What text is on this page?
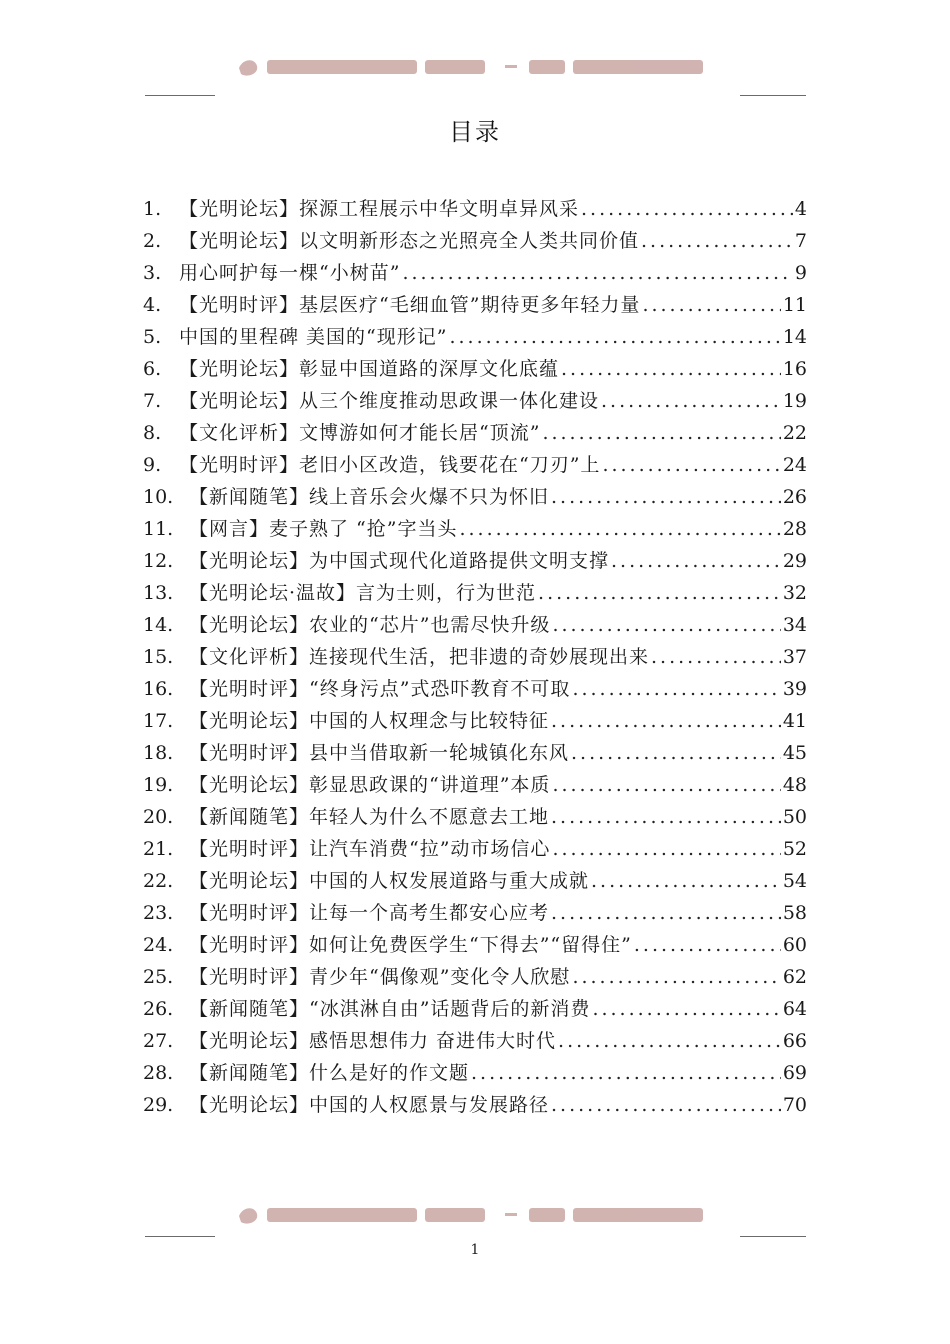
目录
1. 【光明论坛】探源工程展示中华文明卓异风采 .....	4
2. 【光明论坛】以文明新形态之光照亮全人类共同价值 .....	7
3. 用心呵护每一棵“小树苗” .....	9
4. 【光明时评】基层医疗“毛细血管”期待更多年轻力量 .....	11
5. 中国的里程碑 美国的“现形记” .....	14
6. 【光明论坛】彰显中国道路的深厚文化底蕴 .....	16
7. 【光明论坛】从三个维度推动思政课一体化建设 .....	19
8. 【文化评析】文博游如何才能长居“顶流” .....	22
9. 【光明时评】老旧小区改造，钱要花在“刀刃”上 .....	24
10. 【新闻随笔】线上音乐会火爆不只为怀旧 .....	26
11. 【网言】麦子熟了 “抢”字当头 .....	28
12. 【光明论坛】为中国式现代化道路提供文明支撑 .....	29
13. 【光明论坛·温故】言为士则，行为世范 .....	32
14. 【光明论坛】农业的“芯片”也需尽快升级 .....	34
15. 【文化评析】连接现代生活，把非遗的奇妙展现出来 .....	37
16. 【光明时评】“终身污点”式恐吓教育不可取 .....	39
17. 【光明论坛】中国的人权理念与比较特征 .....	41
18. 【光明时评】县中当借取新一轮城镇化东风 .....	45
19. 【光明论坛】彰显思政课的“讲道理”本质 .....	48
20. 【新闻随笔】年轻人为什么不愿意去工地 .....	50
21. 【光明时评】让汽车消费“拉”动市场信心 .....	52
22. 【光明论坛】中国的人权发展道路与重大成就 .....	54
23. 【光明时评】让每一个高考生都安心应考 .....	58
24. 【光明时评】如何让免费医学生“下得去”“留得住” .....	60
25. 【光明时评】青少年“偶像观”变化令人欣慰 .....	62
26. 【新闻随笔】“冰淇淋自由”话题背后的新消费 .....	64
27. 【光明论坛】感悟思想伟力 奋进伟大时代 .....	66
28. 【新闻随笔】什么是好的作文题 .....	69
29. 【光明论坛】中国的人权愿景与发展路径 .....	70
1
